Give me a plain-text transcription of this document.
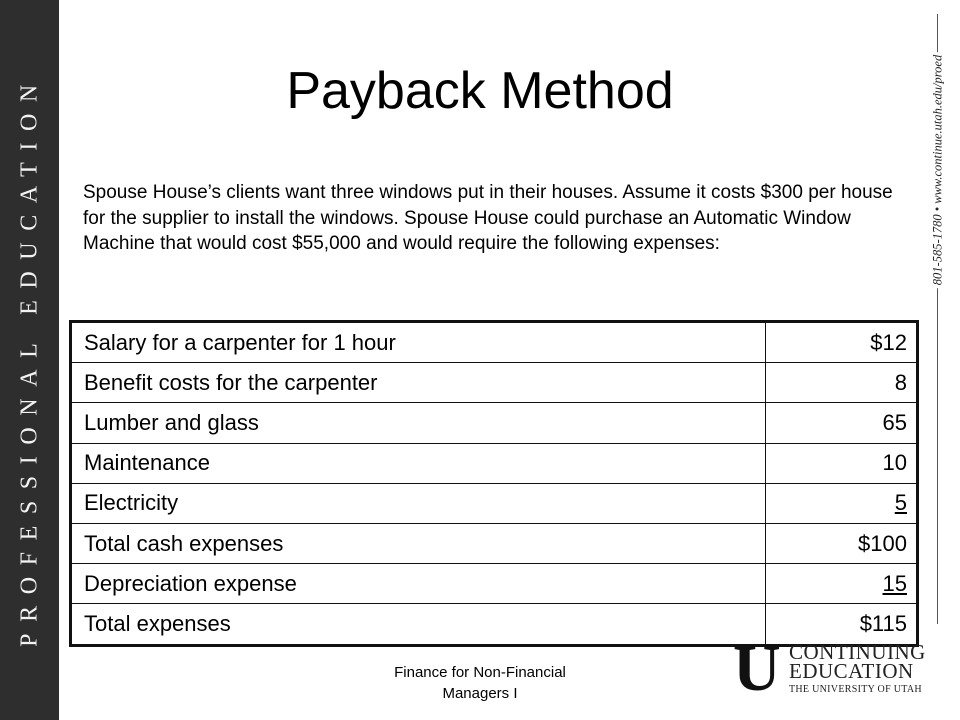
PROFESSIONAL EDUCATION	801-585-1780 • www.continue.utah.edu/proed
Payback Method
Spouse House’s clients want three windows put in their houses. Assume it costs $300 per house for the supplier to install the windows. Spouse House could purchase an Automatic Window Machine that would cost $55,000 and would require the following expenses:
Salary for a carpenter for 1 hour	$12
Benefit costs for the carpenter	8
Lumber and glass	65
Maintenance	10
Electricity	5
Total cash expenses	$100
Depreciation expense	15
Total expenses	$115
Finance for Non-Financial
Managers I	U CONTINUING
EDUCATION
THE UNIVERSITY OF UTAH
